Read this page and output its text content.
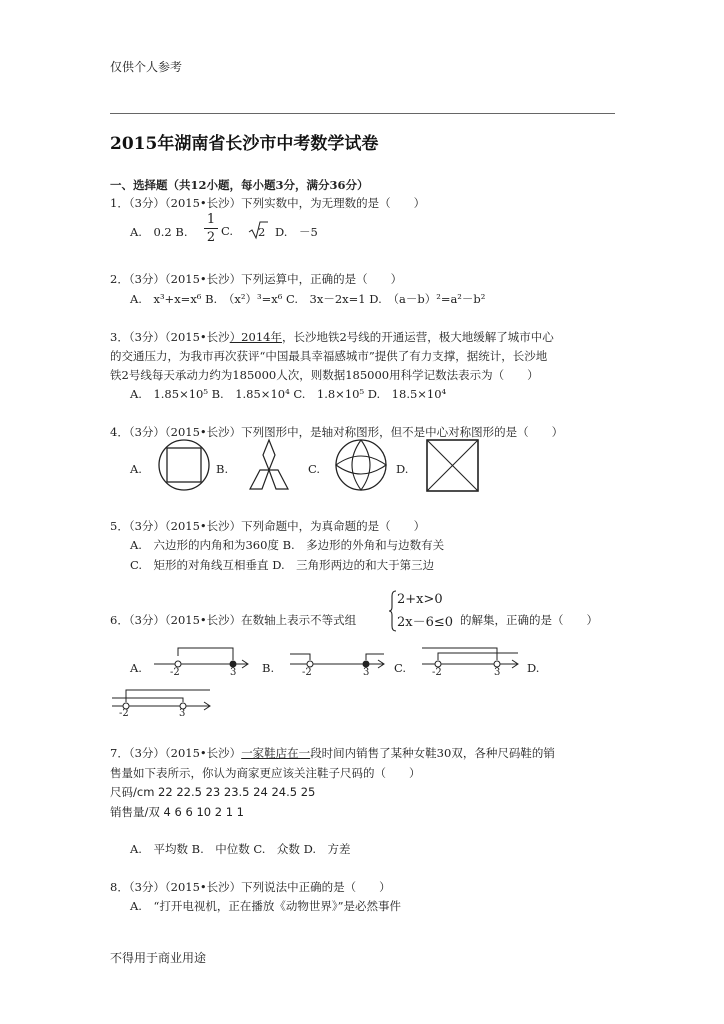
仅供个人参考
2015年湖南省长沙市中考数学试卷
一、选择题（共12小题，每小题3分，满分36分）
1．（3分）（2015•长沙）下列实数中，为无理数的是（　　）
A.　0.2 B.
1
2 C. 2 D.　－5
2．（3分）（2015•长沙）下列运算中，正确的是（　　）
A.　x³+x=x⁶ B.　（x²）³=x⁶ C.　3x－2x=1 D.　（a－b）²=a²－b²
3．（3分）（2015•长沙）2014年，长沙地铁2号线的开通运营，极大地缓解了城市中心
的交通压力，为我市再次获评“中国最具幸福感城市”提供了有力支撑，据统计，长沙地
铁2号线每天承动力约为185000人次，则数据185000用科学记数法表示为（　　）
A.　1.85×10⁵ B.　1.85×10⁴ C.　1.8×10⁵ D.　18.5×10⁴
4．（3分）（2015•长沙）下列图形中，是轴对称图形，但不是中心对称图形的是（　　）
A.	B.	C.	D.
5．（3分）（2015•长沙）下列命题中，为真命题的是（　　）
A.　六边形的内角和为360度 B.　多边形的外角和与边数有关
C.　矩形的对角线互相垂直 D.　三角形两边的和大于第三边
6．（3分）（2015•长沙）在数轴上表示不等式组
2+x>0
2x－6≤0 的解集，正确的是（　　）
A.	-2	3 B.	-2	3 C.	-2	3 D.
-2	3
7．（3分）（2015•长沙）一家鞋店在一段时间内销售了某种女鞋30双，各种尺码鞋的销
售量如下表所示，你认为商家更应该关注鞋子尺码的（　　）
尺码/cm 22 22.5 23 23.5 24 24.5 25
销售量/双 4 6 6 10 2 1 1
A.　平均数 B.　中位数 C.　众数 D.　方差
8．（3分）（2015•长沙）下列说法中正确的是（　　）
A.　“打开电视机，正在播放《动物世界》”是必然事件
不得用于商业用途
